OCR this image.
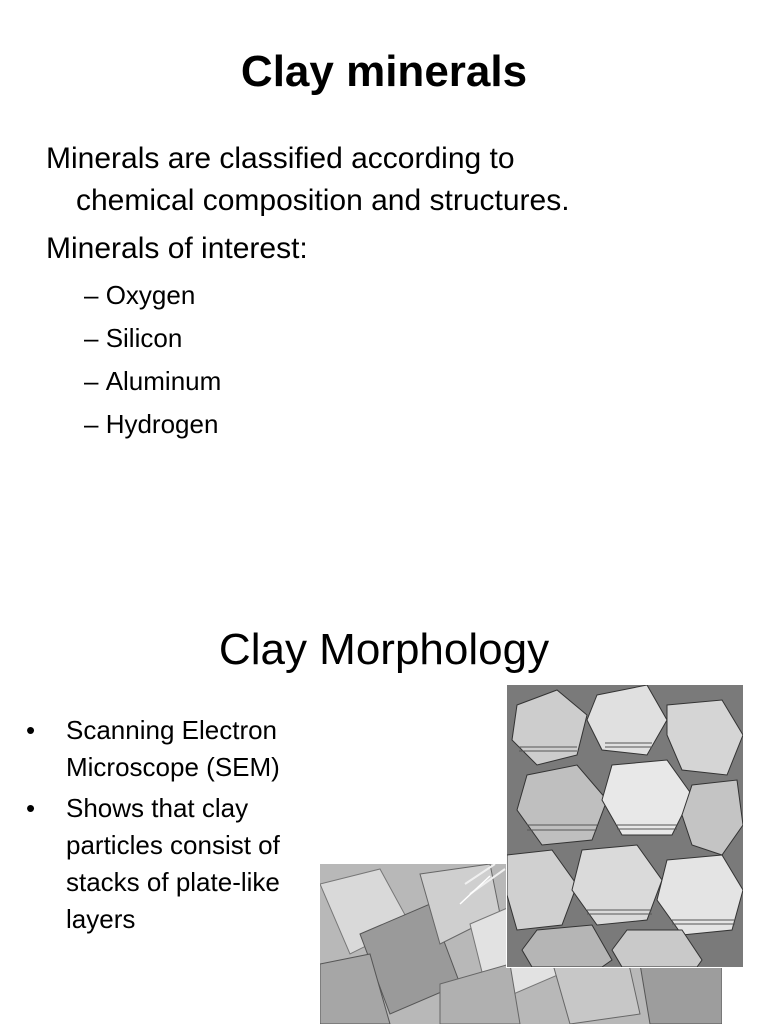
Clay minerals
Minerals are classified according to
chemical composition and structures.
Minerals of interest:
– Oxygen
– Silicon
– Aluminum
– Hydrogen
Clay Morphology
• Scanning Electron Microscope (SEM)
• Shows that clay particles consist of stacks of plate-like layers
